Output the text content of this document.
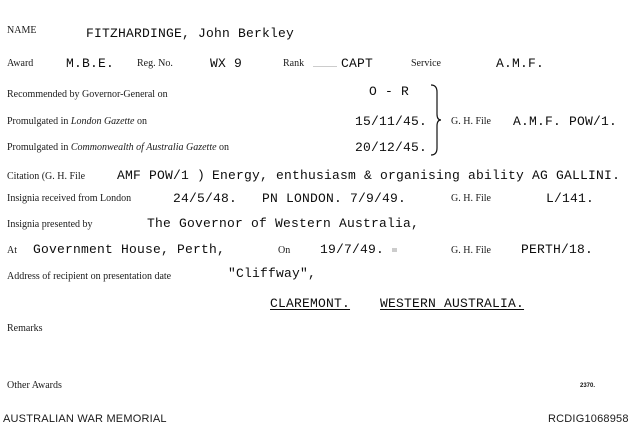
NAME	FITZHARDINGE, John Berkley
Award	M.B.E. Reg. No.	WX 9	Rank	CAPT	Service	A.M.F.
Recommended by Governor-General on	O - R
Promulgated in London Gazette on	15/11/45.
Promulgated in Commonwealth of Australia Gazette on	20/12/45.
G. H. File A.M.F. POW/1.
Citation (G. H. File AMF POW/1 ) Energy, enthusiasm & organising ability AG GALLINI.
Insignia received from London	24/5/48. PN LONDON. 7/9/49.	G. H. File	L/141.
Insignia presented by	The Governor of Western Australia,
At Government House, Perth,	On 19/7/49.	G. H. File PERTH/18.
Address of recipient on presentation date	"Cliffway",
CLAREMONT. WESTERN AUSTRALIA.
Remarks
Other Awards	2370.
AUSTRALIAN WAR MEMORIAL	RCDIG1068958
